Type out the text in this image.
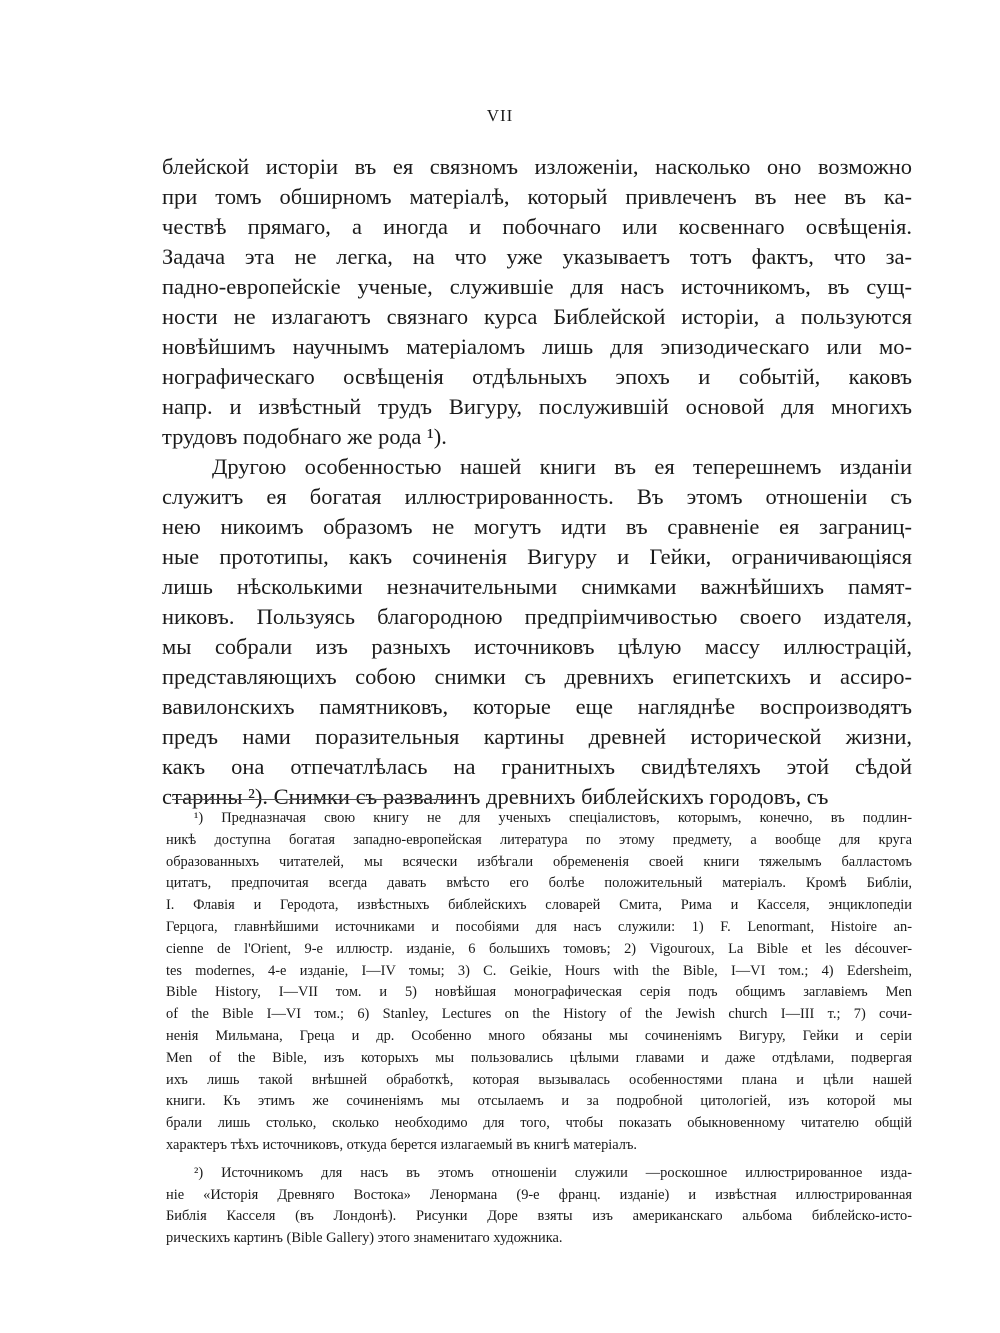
VII
блейской исторіи въ ея связномъ изложеніи, насколько оно возможно
при томъ обширномъ матеріалѣ, который привлеченъ въ нее въ ка-
чествѣ прямаго, а иногда и побочнаго или косвеннаго освѣщенія.
Задача эта не легка, на что уже указываетъ тотъ фактъ, что за-
падно-европейскіе ученые, служившіе для насъ источникомъ, въ сущ-
ности не излагаютъ связнаго курса Библейской исторіи, а пользуются
новѣйшимъ научнымъ матеріаломъ лишь для эпизодическаго или мо-
нографическаго освѣщенія отдѣльныхъ эпохъ и событій, каковъ
напр. и извѣстный трудъ Вигуру, послужившій основой для многихъ
трудовъ подобнаго же рода ¹).
Другою особенностью нашей книги въ ея теперешнемъ изданіи
служитъ ея богатая иллюстрированность. Въ этомъ отношеніи съ
нею никоимъ образомъ не могутъ идти въ сравненіе ея заграниц-
ные прототипы, какъ сочиненія Вигуру и Гейки, ограничивающіяся
лишь нѣсколькими незначительными снимками важнѣйшихъ памят-
никовъ. Пользуясь благородною предпріимчивостью своего издателя,
мы собрали изъ разныхъ источниковъ цѣлую массу иллюстрацій,
представляющихъ собою снимки съ древнихъ египетскихъ и ассиро-
вавилонскихъ памятниковъ, которые еще нагляднѣе воспроизводятъ
предъ нами поразительныя картины древней исторической жизни,
какъ она отпечатлѣлась на гранитныхъ свидѣтеляхъ этой сѣдой
старины ²). Снимки съ развалинъ древнихъ библейскихъ городовъ, съ
¹) Предназначая свою книгу не для ученыхъ спеціалистовъ, которымъ, конечно, въ подлин-
никѣ доступна богатая западно-европейская литература по этому предмету, а вообще для круга
образованныхъ читателей, мы всячески избѣгали обремененія своей книги тяжелымъ балластомъ
цитатъ, предпочитая всегда давать вмѣсто его болѣе положительный матеріалъ. Кромѣ Библіи,
І. Флавія и Геродота, извѣстныхъ библейскихъ словарей Смита, Рима и Касселя, энциклопедіи
Герцога, главнѣйшими источниками и пособіями для насъ служили: 1) F. Lenormant, Histoire an-
cienne de l'Orient, 9-е иллюстр. изданіе, 6 большихъ томовъ; 2) Vigouroux, La Bible et les découver-
tes modernes, 4-е изданіе, I—IV томы; 3) C. Geikie, Hours with the Bible, I—VI том.; 4) Edersheim,
Bible History, I—VII том. и 5) новѣйшая монографическая серія подъ общимъ заглавіемъ Men
of the Bible I—VI том.; 6) Stanley, Lectures on the History of the Jewish church I—III т.; 7) сочи-
ненія Мильмана, Греца и др. Особенно много обязаны мы сочиненіямъ Вигуру, Гейки и серіи
Men of the Bible, изъ которыхъ мы пользовались цѣлыми главами и даже отдѣлами, подвергая
ихъ лишь такой внѣшней обработкѣ, которая вызывалась особенностями плана и цѣли нашей
книги. Къ этимъ же сочиненіямъ мы отсылаемъ и за подробной цитологіей, изъ которой мы
брали лишь столько, сколько необходимо для того, чтобы показать обыкновенному читателю общій
характеръ тѣхъ источниковъ, откуда берется излагаемый въ книгѣ матеріалъ.
²) Источникомъ для насъ въ этомъ отношеніи служили —роскошное иллюстрированное изда-
ніе «Исторія Древняго Востока» Ленормана (9-е франц. изданіе) и извѣстная иллюстрированная
Библія Касселя (въ Лондонѣ). Рисунки Доре взяты изъ американскаго альбома библейско-исто-
рическихъ картинъ (Bible Gallery) этого знаменитаго художника.
